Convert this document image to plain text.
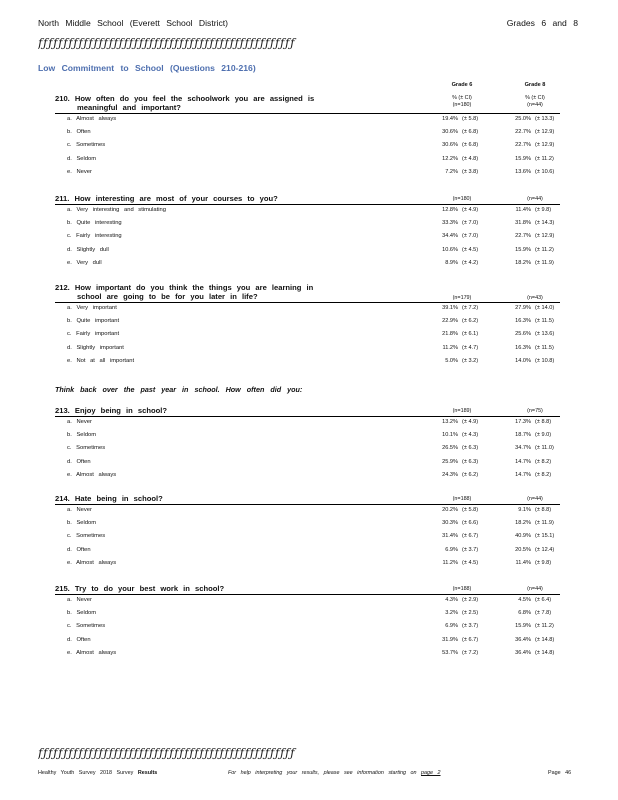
North Middle School (Everett School District)	Grades 6 and 8
ƒƒƒƒƒƒƒƒƒƒƒƒƒƒƒƒƒƒƒƒƒƒƒƒƒƒƒƒƒƒƒƒƒƒƒƒƒƒƒƒƒƒƒƒƒƒƒƒƒƒƒ
Low Commitment to School (Questions 210-216)
Grade 6	Grade 8
210. How often do you feel the schoolwork you are assigned is
meaningful and important?
% (± CI)	% (± CI)
(n=180)	(n=44)
a. Almost always	19.4% (± 5.8)	25.0% (± 13.3)
b. Often	30.6% (± 6.8)	22.7% (± 12.9)
c. Sometimes	30.6% (± 6.8)	22.7% (± 12.9)
d. Seldom	12.2% (± 4.8)	15.9% (± 11.2)
e. Never	7.2% (± 3.8)	13.6% (± 10.6)
211. How interesting are most of your courses to you?	(n=180)	(n=44)
a. Very interesting and stimulating	12.8% (± 4.9)	11.4% (± 9.8)
b. Quite interesting	33.3% (± 7.0)	31.8% (± 14.3)
c. Fairly interesting	34.4% (± 7.0)	22.7% (± 12.9)
d. Slightly dull	10.6% (± 4.5)	15.9% (± 11.2)
e. Very dull	8.9% (± 4.2)	18.2% (± 11.9)
212. How important do you think the things you are learning in
school are going to be for you later in life?	(n=179)	(n=43)
a. Very important	39.1% (± 7.2)	27.9% (± 14.0)
b. Quite important	22.9% (± 6.2)	16.3% (± 11.5)
c. Fairly important	21.8% (± 6.1)	25.6% (± 13.6)
d. Slightly important	11.2% (± 4.7)	16.3% (± 11.5)
e. Not at all important	5.0% (± 3.2)	14.0% (± 10.8)
213. Enjoy being in school?	(n=189)	(n=75)
a. Never	13.2% (± 4.9)	17.3% (± 8.8)
b. Seldom	10.1% (± 4.3)	18.7% (± 9.0)
c. Sometimes	26.5% (± 6.3)	34.7% (± 11.0)
d. Often	25.9% (± 6.3)	14.7% (± 8.2)
e. Almost always	24.3% (± 6.2)	14.7% (± 8.2)
214. Hate being in school?	(n=188)	(n=44)
a. Never	20.2% (± 5.8)	9.1% (± 8.8)
b. Seldom	30.3% (± 6.6)	18.2% (± 11.9)
c. Sometimes	31.4% (± 6.7)	40.9% (± 15.1)
d. Often	6.9% (± 3.7)	20.5% (± 12.4)
e. Almost always	11.2% (± 4.5)	11.4% (± 9.8)
215. Try to do your best work in school?	(n=188)	(n=44)
a. Never	4.3% (± 2.9)	4.5% (± 6.4)
b. Seldom	3.2% (± 2.5)	6.8% (± 7.8)
c. Sometimes	6.9% (± 3.7)	15.9% (± 11.2)
d. Often	31.9% (± 6.7)	36.4% (± 14.8)
e. Almost always	53.7% (± 7.2)	36.4% (± 14.8)
Think back over the past year in school. How often did you:
ƒƒƒƒƒƒƒƒƒƒƒƒƒƒƒƒƒƒƒƒƒƒƒƒƒƒƒƒƒƒƒƒƒƒƒƒƒƒƒƒƒƒƒƒƒƒƒƒƒƒƒ
Healthy Youth Survey 2018 Survey Results	For help interpreting your results, please see information starting on page 2	Page 46
